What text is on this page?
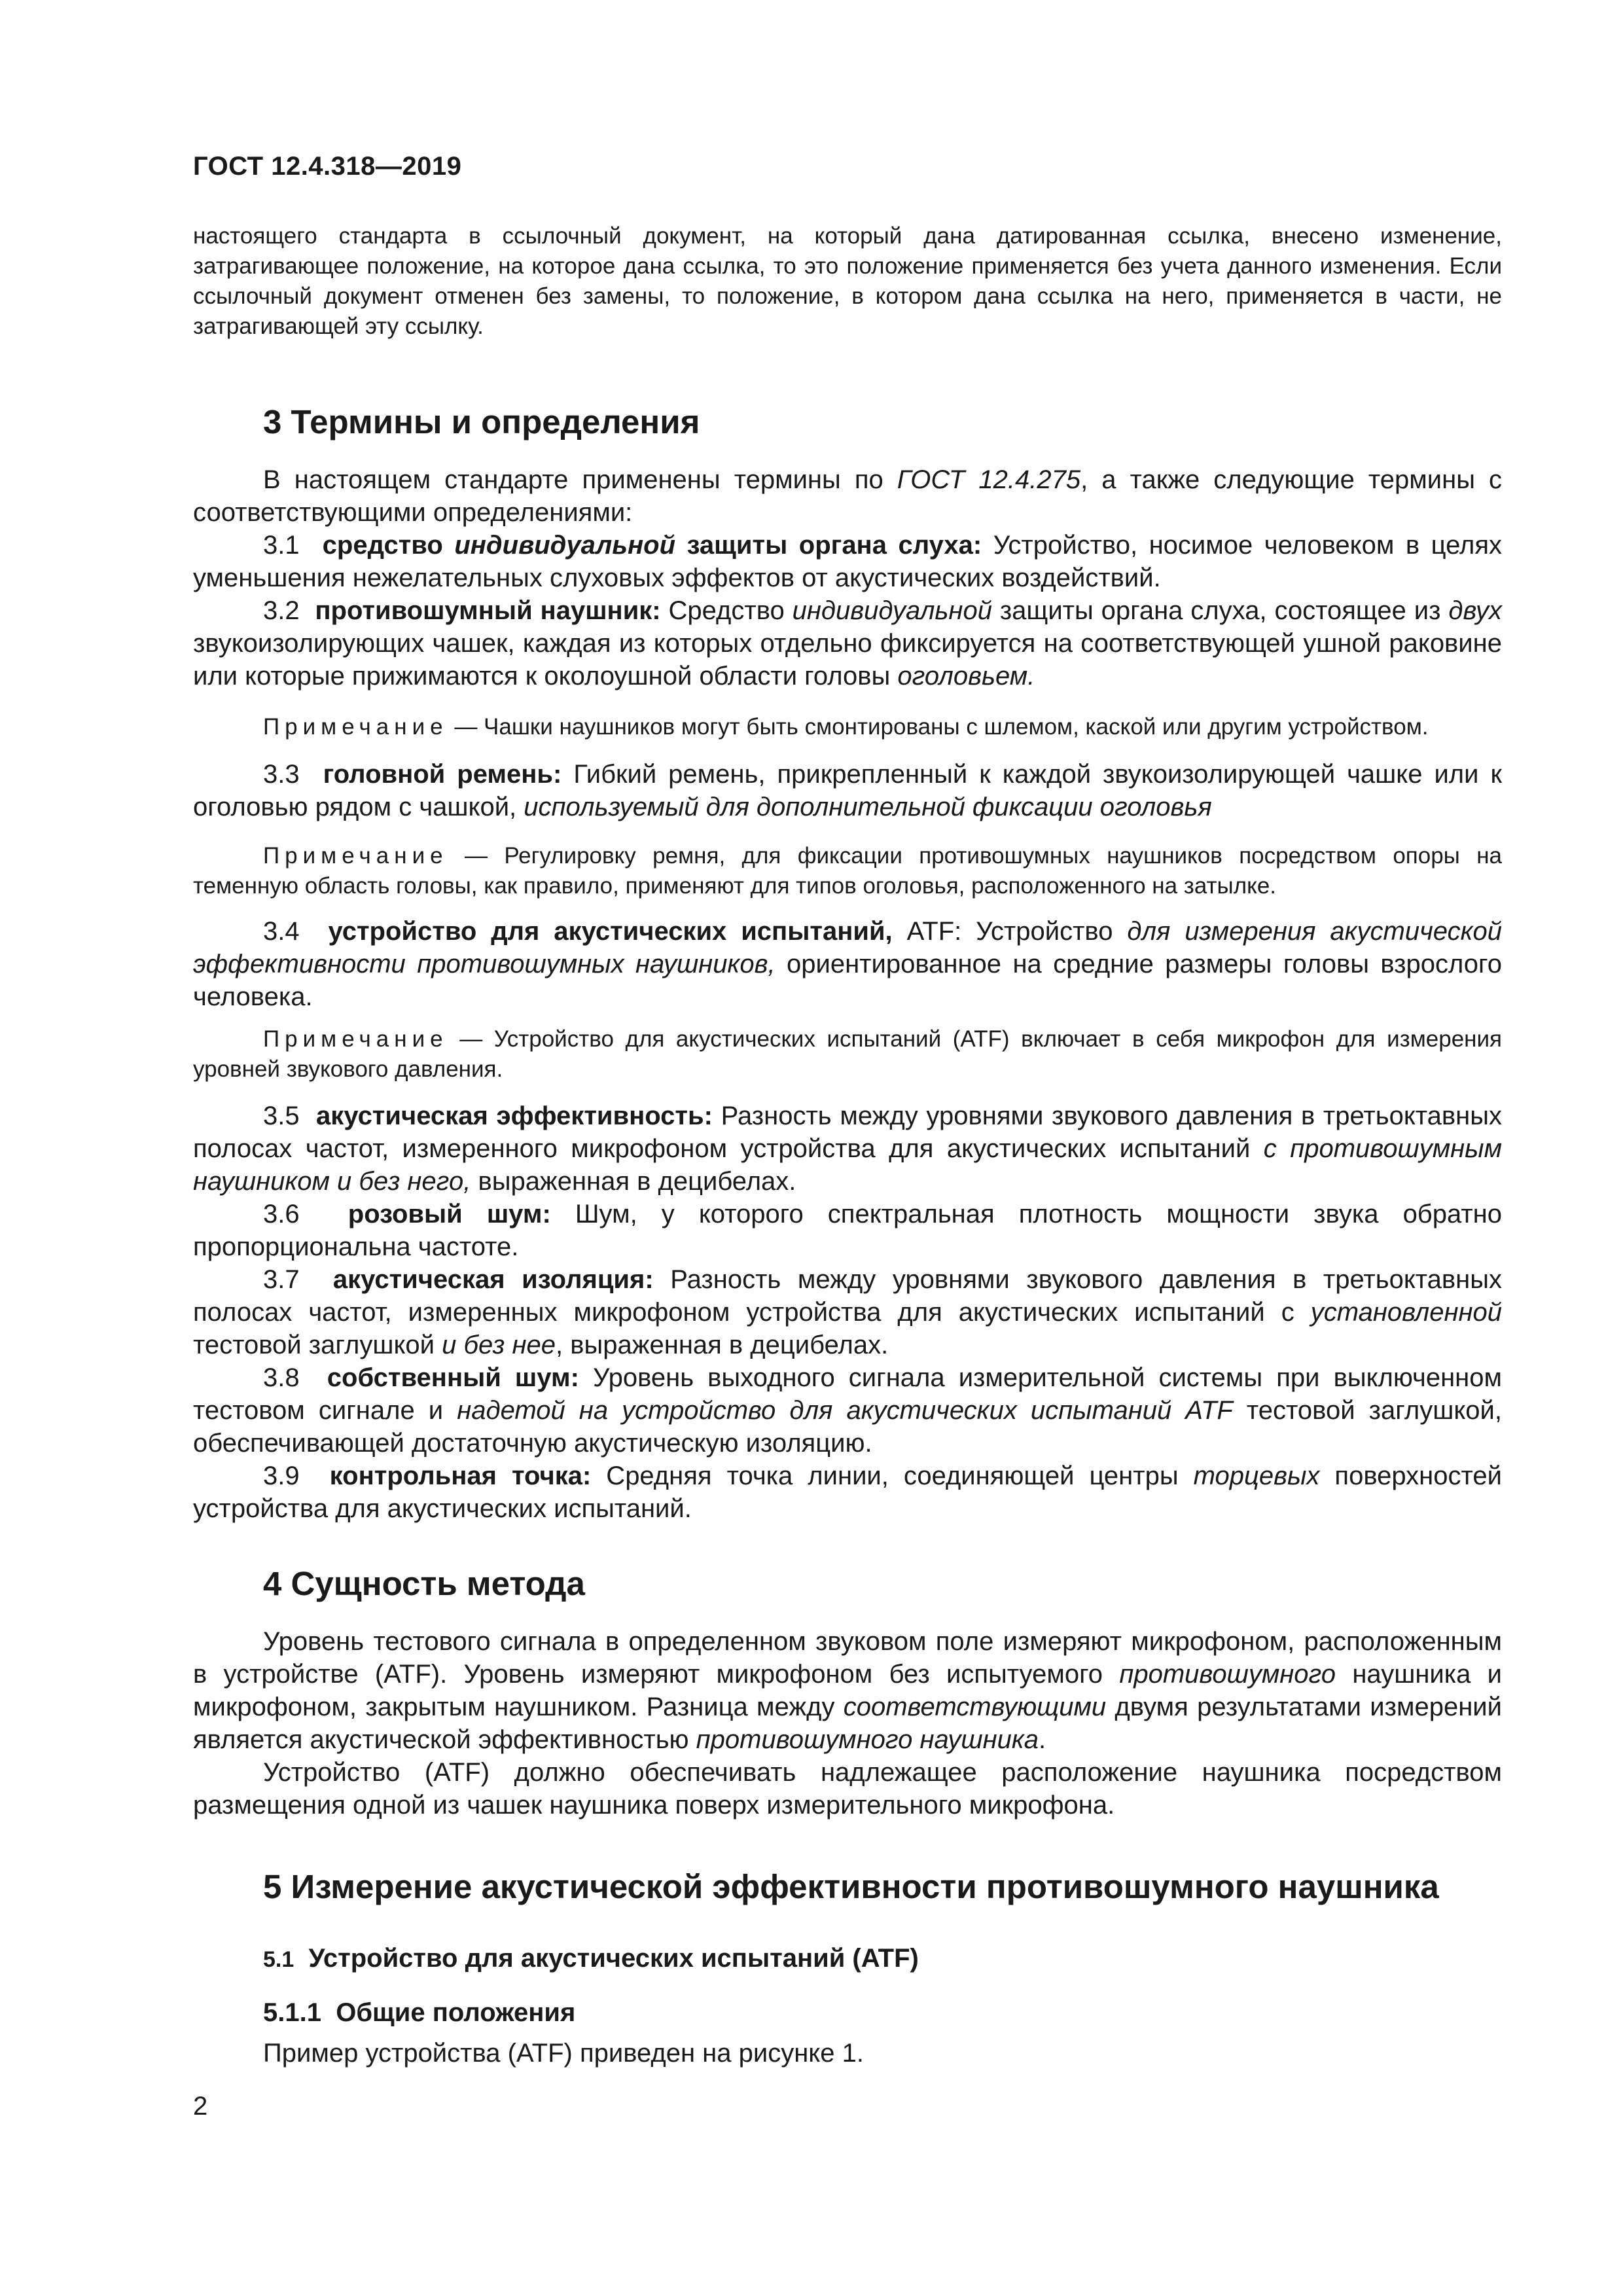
ГОСТ 12.4.318—2019
настоящего стандарта в ссылочный документ, на который дана датированная ссылка, внесено изменение, затрагивающее положение, на которое дана ссылка, то это положение применяется без учета данного изменения. Если ссылочный документ отменен без замены, то положение, в котором дана ссылка на него, применяется в части, не затрагивающей эту ссылку.
3 Термины и определения
В настоящем стандарте применены термины по ГОСТ 12.4.275, а также следующие термины с соответствующими определениями:
3.1 средство индивидуальной защиты органа слуха: Устройство, носимое человеком в целях уменьшения нежелательных слуховых эффектов от акустических воздействий.
3.2 противошумный наушник: Средство индивидуальной защиты органа слуха, состоящее из двух звукоизолирующих чашек, каждая из которых отдельно фиксируется на соответствующей ушной раковине или которые прижимаются к околоушной области головы оголовьем.
Примечание — Чашки наушников могут быть смонтированы с шлемом, каской или другим устройством.
3.3 головной ремень: Гибкий ремень, прикрепленный к каждой звукоизолирующей чашке или к оголовью рядом с чашкой, используемый для дополнительной фиксации оголовья
Примечание — Регулировку ремня, для фиксации противошумных наушников посредством опоры на теменную область головы, как правило, применяют для типов оголовья, расположенного на затылке.
3.4 устройство для акустических испытаний, ATF: Устройство для измерения акустической эффективности противошумных наушников, ориентированное на средние размеры головы взрослого человека.
Примечание — Устройство для акустических испытаний (ATF) включает в себя микрофон для измерения уровней звукового давления.
3.5 акустическая эффективность: Разность между уровнями звукового давления в третьоктавных полосах частот, измеренного микрофоном устройства для акустических испытаний с противошумным наушником и без него, выраженная в децибелах.
3.6 розовый шум: Шум, у которого спектральная плотность мощности звука обратно пропорциональна частоте.
3.7 акустическая изоляция: Разность между уровнями звукового давления в третьоктавных полосах частот, измеренных микрофоном устройства для акустических испытаний с установленной тестовой заглушкой и без нее, выраженная в децибелах.
3.8 собственный шум: Уровень выходного сигнала измерительной системы при выключенном тестовом сигнале и надетой на устройство для акустических испытаний ATF тестовой заглушкой, обеспечивающей достаточную акустическую изоляцию.
3.9 контрольная точка: Средняя точка линии, соединяющей центры торцевых поверхностей устройства для акустических испытаний.
4 Сущность метода
Уровень тестового сигнала в определенном звуковом поле измеряют микрофоном, расположенным в устройстве (ATF). Уровень измеряют микрофоном без испытуемого противошумного наушника и микрофоном, закрытым наушником. Разница между соответствующими двумя результатами измерений является акустической эффективностью противошумного наушника.
Устройство (ATF) должно обеспечивать надлежащее расположение наушника посредством размещения одной из чашек наушника поверх измерительного микрофона.
5 Измерение акустической эффективности противошумного наушника
5.1 Устройство для акустических испытаний (ATF)
5.1.1 Общие положения
Пример устройства (ATF) приведен на рисунке 1.
2
